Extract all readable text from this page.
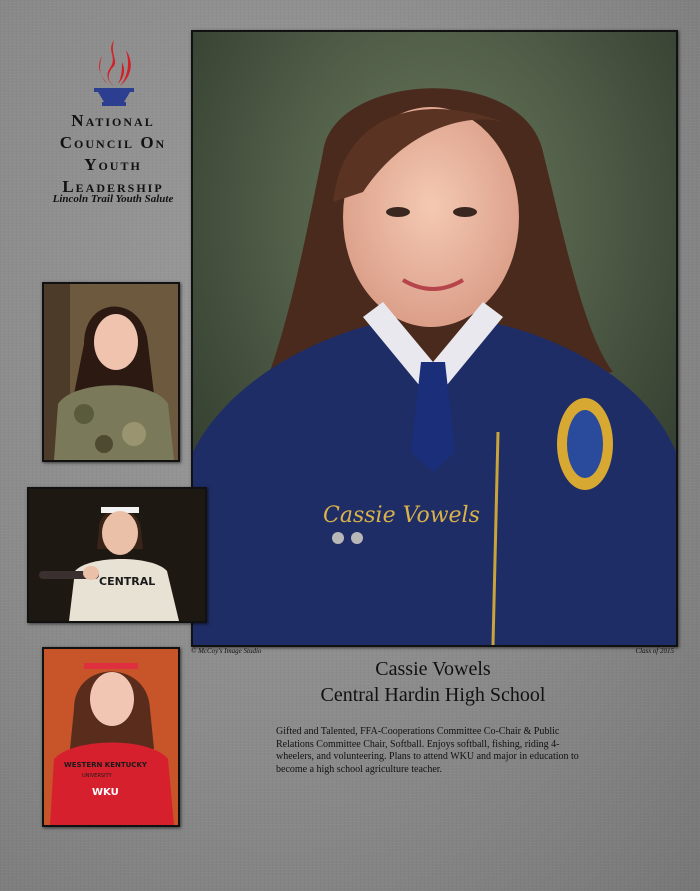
National
Council On
Youth
Leadership
Lincoln Trail Youth Salute
Cassie Vowels
CENTRAL
WESTERN KENTUCKY
UNIVERSITY
WKU
© McCoy's Image Studio	Class of 2015
Cassie Vowels
Central Hardin High School
Gifted and Talented, FFA-Cooperations Committee Co-Chair & Public Relations Committee Chair, Softball. Enjoys softball, fishing, riding 4-wheelers, and volunteering. Plans to attend WKU and major in education to become a high school agriculture teacher.
